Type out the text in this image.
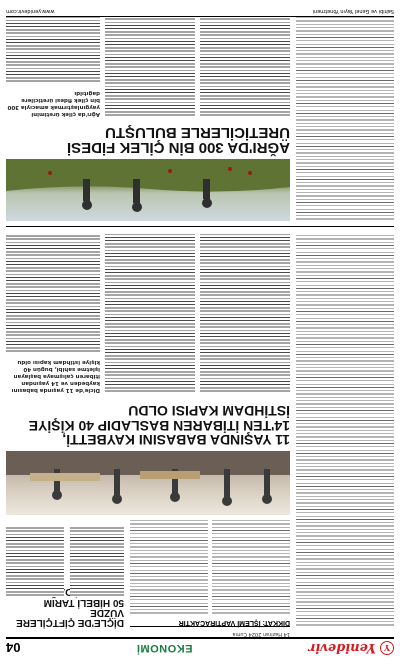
Y
Yenidevir
EKONOMİ
04
14 Haziran 2024 Cuma
DİÇLE'DE ÇİFTÇİLERE VÜZDE
50 HİBELİ TARIM
DİKKAT: İŞLEMİ VAPTIRACAKTIR
11 YAŞINDA BABASINI KAYBETTİ,
14'TEN İTİBAREN BASLADIP 40 KİŞİYE
İSTİHDAM KAPISI OLDU
Dicle'de 11 yaşında babasını kaybeden ve 14 yaşından itibaren çalışmaya başlayan işletme sahibi, bugün 40 kişiye istihdam kapısı oldu
AĞRI'DA 300 BİN ÇİLEK FİDESİ
ÜRETİCİLERLE BULUŞTU
Ağrı'da çilek üretimini yaygınlaştırmak amacıyla 300 bin çilek fidesi üreticilere dağıtıldı
Sahibi ve Genel Yayın Yönetmeni
www.yenidevir.com
